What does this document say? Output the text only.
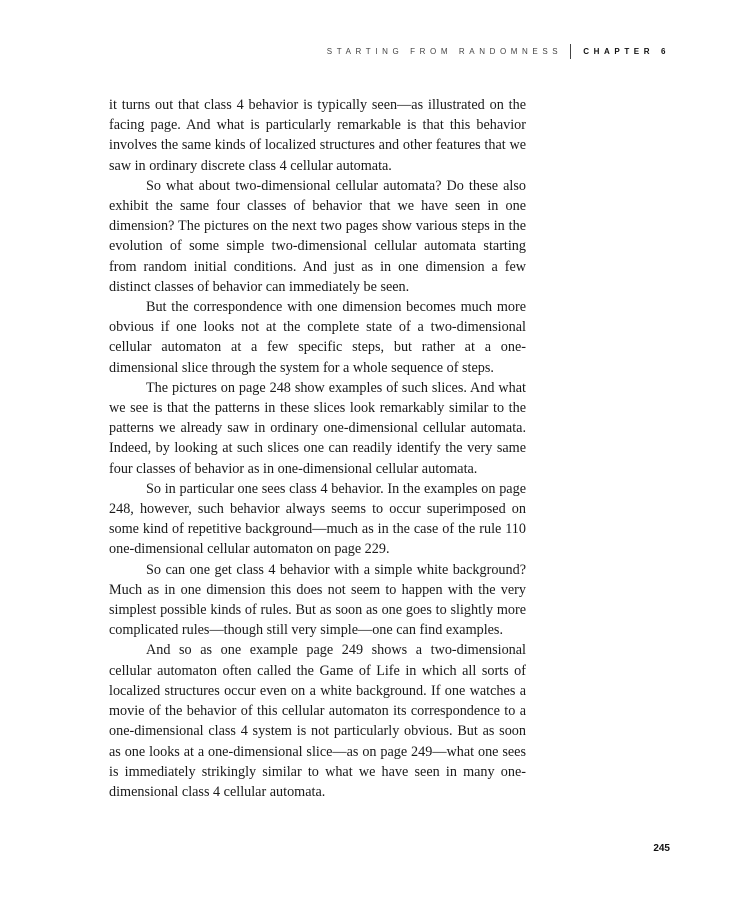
STARTING FROM RANDOMNESS	CHAPTER 6

it turns out that class 4 behavior is typically seen—as illustrated on the facing page. And what is particularly remarkable is that this behavior involves the same kinds of localized structures and other features that we saw in ordinary discrete class 4 cellular automata.

So what about two-dimensional cellular automata? Do these also exhibit the same four classes of behavior that we have seen in one dimension? The pictures on the next two pages show various steps in the evolution of some simple two-dimensional cellular automata starting from random initial conditions. And just as in one dimension a few distinct classes of behavior can immediately be seen.

But the correspondence with one dimension becomes much more obvious if one looks not at the complete state of a two-dimensional cellular automaton at a few specific steps, but rather at a one-dimensional slice through the system for a whole sequence of steps.

The pictures on page 248 show examples of such slices. And what we see is that the patterns in these slices look remarkably similar to the patterns we already saw in ordinary one-dimensional cellular automata. Indeed, by looking at such slices one can readily identify the very same four classes of behavior as in one-dimensional cellular automata.

So in particular one sees class 4 behavior. In the examples on page 248, however, such behavior always seems to occur superimposed on some kind of repetitive background—much as in the case of the rule 110 one-dimensional cellular automaton on page 229.

So can one get class 4 behavior with a simple white background? Much as in one dimension this does not seem to happen with the very simplest possible kinds of rules. But as soon as one goes to slightly more complicated rules—though still very simple—one can find examples.

And so as one example page 249 shows a two-dimensional cellular automaton often called the Game of Life in which all sorts of localized structures occur even on a white background. If one watches a movie of the behavior of this cellular automaton its correspondence to a one-dimensional class 4 system is not particularly obvious. But as soon as one looks at a one-dimensional slice—as on page 249—what one sees is immediately strikingly similar to what we have seen in many one-dimensional class 4 cellular automata.

245
